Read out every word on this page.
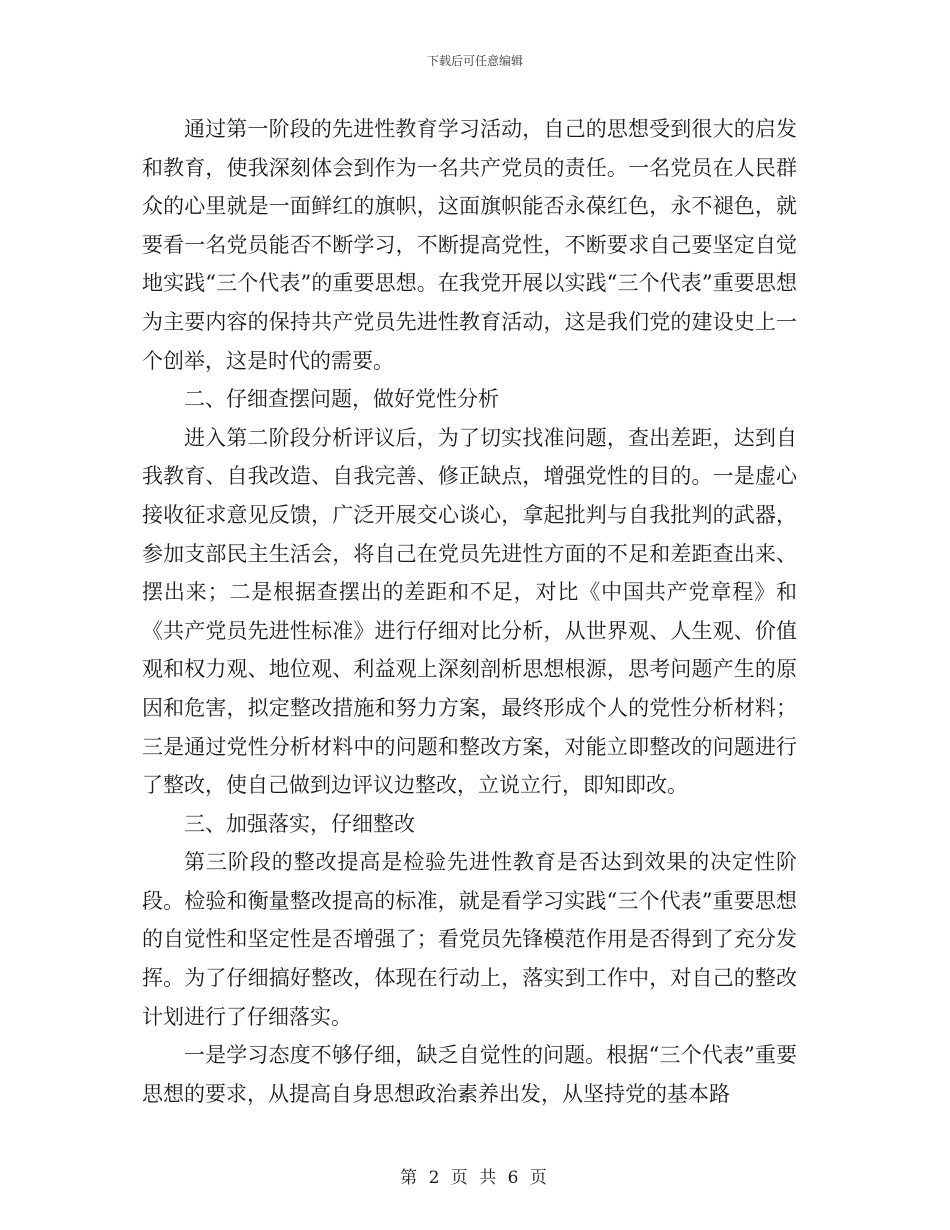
下载后可任意编辑

通过第一阶段的先进性教育学习活动，自己的思想受到很大的启发和教育，使我深刻体会到作为一名共产党员的责任。一名党员在人民群众的心里就是一面鲜红的旗帜，这面旗帜能否永葆红色，永不褪色，就要看一名党员能否不断学习，不断提高党性，不断要求自己要坚定自觉地实践“三个代表”的重要思想。在我党开展以实践“三个代表”重要思想为主要内容的保持共产党员先进性教育活动，这是我们党的建设史上一个创举，这是时代的需要。

二、仔细查摆问题，做好党性分析

进入第二阶段分析评议后，为了切实找准问题，查出差距，达到自我教育、自我改造、自我完善、修正缺点，增强党性的目的。一是虚心接收征求意见反馈，广泛开展交心谈心，拿起批判与自我批判的武器，参加支部民主生活会，将自己在党员先进性方面的不足和差距查出来、摆出来；二是根据查摆出的差距和不足，对比《中国共产党章程》和《共产党员先进性标准》进行仔细对比分析，从世界观、人生观、价值观和权力观、地位观、利益观上深刻剖析思想根源，思考问题产生的原因和危害，拟定整改措施和努力方案，最终形成个人的党性分析材料；三是通过党性分析材料中的问题和整改方案，对能立即整改的问题进行了整改，使自己做到边评议边整改，立说立行，即知即改。

三、加强落实，仔细整改

第三阶段的整改提高是检验先进性教育是否达到效果的决定性阶段。检验和衡量整改提高的标准，就是看学习实践“三个代表”重要思想的自觉性和坚定性是否增强了；看党员先锋模范作用是否得到了充分发挥。为了仔细搞好整改，体现在行动上，落实到工作中，对自己的整改计划进行了仔细落实。

一是学习态度不够仔细，缺乏自觉性的问题。根据“三个代表”重要思想的要求，从提高自身思想政治素养出发，从坚持党的基本路

第 2 页 共 6 页
